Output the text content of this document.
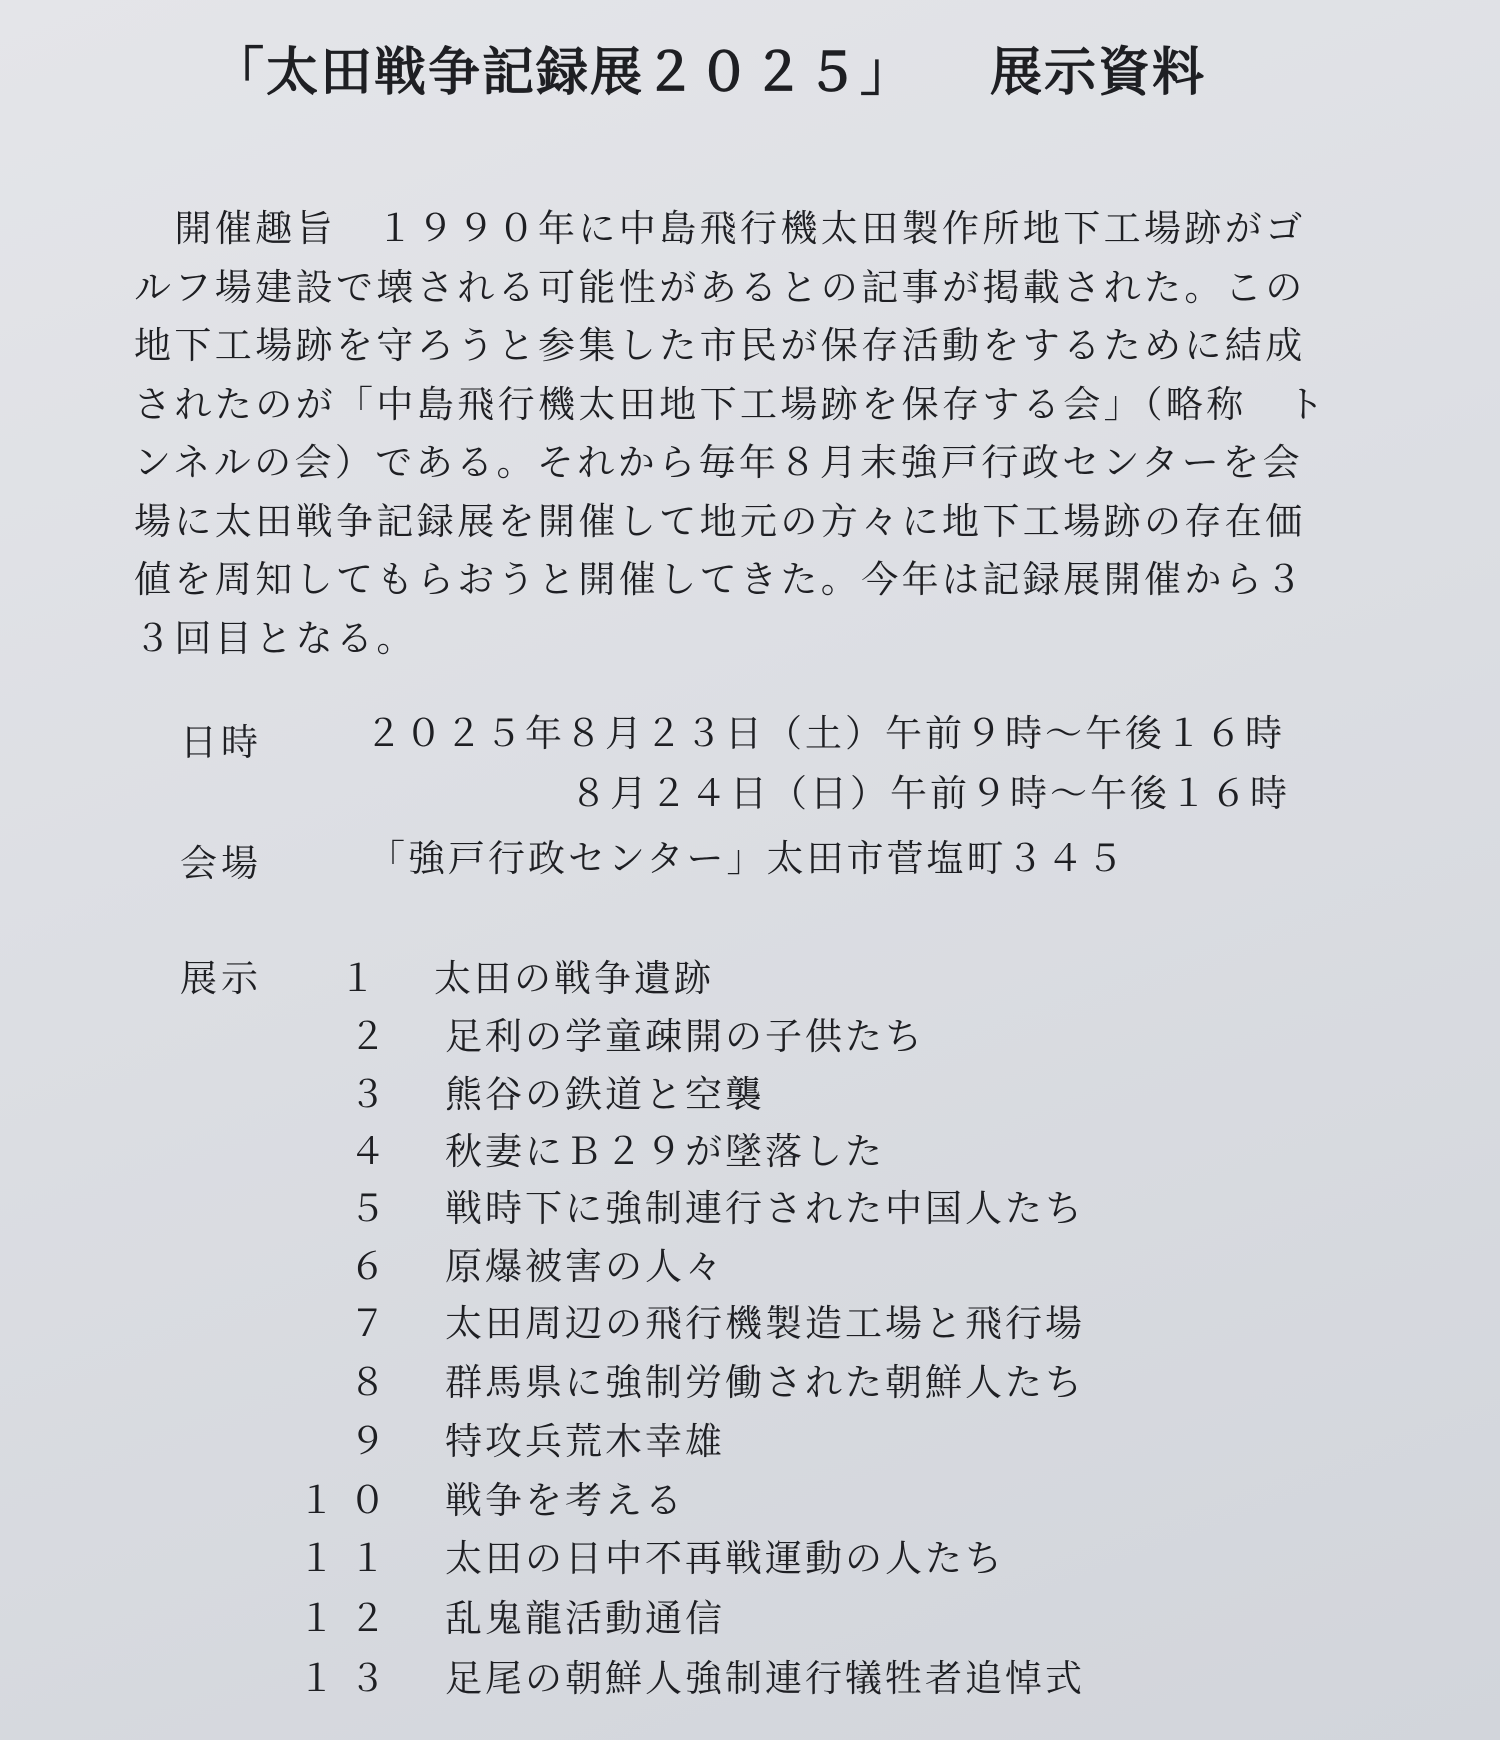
「太田戦争記録展２０２５」 展示資料
　開催趣旨　１９９０年に中島飛行機太田製作所地下工場跡がゴ
ルフ場建設で壊される可能性があるとの記事が掲載された。この
地下工場跡を守ろうと参集した市民が保存活動をするために結成
されたのが「中島飛行機太田地下工場跡を保存する会」（略称　ト
ンネルの会）である。それから毎年８月末強戸行政センターを会
場に太田戦争記録展を開催して地元の方々に地下工場跡の存在価
値を周知してもらおうと開催してきた。今年は記録展開催から３
３回目となる。
日時	２０２５年８月２３日（土）午前９時～午後１６時
８月２４日（日）午前９時～午後１６時
会場	「強戸行政センター」太田市菅塩町３４５
展示	１ 太田の戦争遺跡
２ 足利の学童疎開の子供たち
３ 熊谷の鉄道と空襲
４ 秋妻にＢ２９が墜落した
５ 戦時下に強制連行された中国人たち
６ 原爆被害の人々
７ 太田周辺の飛行機製造工場と飛行場
８ 群馬県に強制労働された朝鮮人たち
９ 特攻兵荒木幸雄
１０ 戦争を考える
１１ 太田の日中不再戦運動の人たち
１２ 乱鬼龍活動通信
１３ 足尾の朝鮮人強制連行犠牲者追悼式
